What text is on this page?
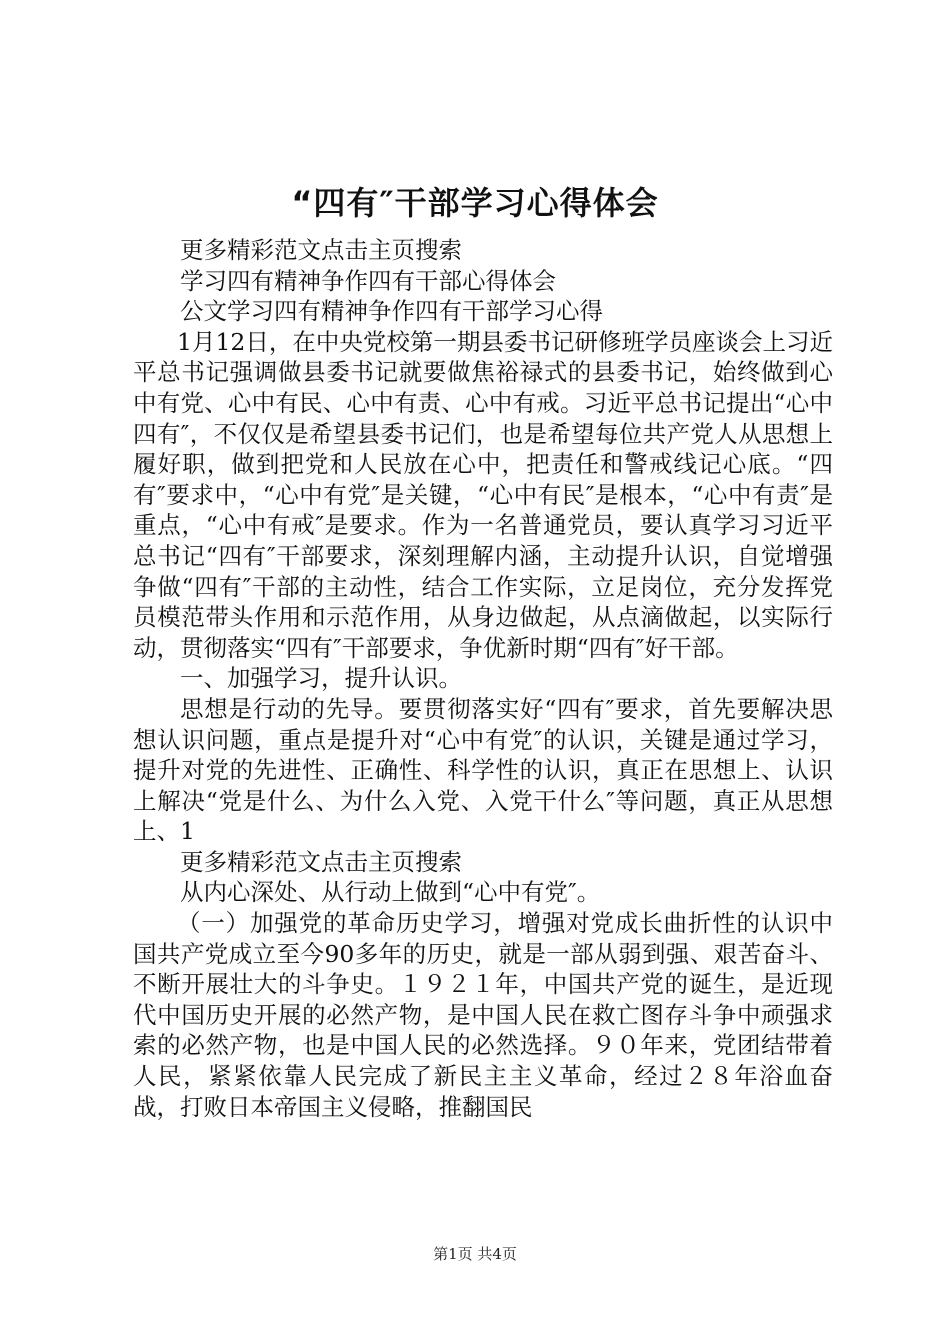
“四有″干部学习心得体会

更多精彩范文点击主页搜索

学习四有精神争作四有干部心得体会

公文学习四有精神争作四有干部学习心得

1月12日，在中央党校第一期县委书记研修班学员座谈会上习近平总书记强调做县委书记就要做焦裕禄式的县委书记，始终做到心中有党、心中有民、心中有责、心中有戒。习近平总书记提出“心中四有″，不仅仅是希望县委书记们，也是希望每位共产党人从思想上履好职，做到把党和人民放在心中，把责任和警戒线记心底。“四有″要求中，“心中有党″是关键，“心中有民″是根本，“心中有责″是重点，“心中有戒″是要求。作为一名普通党员，要认真学习习近平总书记“四有″干部要求，深刻理解内涵，主动提升认识，自觉增强争做“四有″干部的主动性，结合工作实际，立足岗位，充分发挥党员模范带头作用和示范作用，从身边做起，从点滴做起，以实际行动，贯彻落实“四有″干部要求，争优新时期“四有″好干部。

一、加强学习，提升认识。

思想是行动的先导。要贯彻落实好“四有″要求，首先要解决思想认识问题，重点是提升对“心中有党″的认识，关键是通过学习，提升对党的先进性、正确性、科学性的认识，真正在思想上、认识上解决“党是什么、为什么入党、入党干什么″等问题，真正从思想上、1

更多精彩范文点击主页搜索

从内心深处、从行动上做到“心中有党″。

（一）加强党的革命历史学习，增强对党成长曲折性的认识中国共产党成立至今90多年的历史，就是一部从弱到强、艰苦奋斗、不断开展壮大的斗争史。１９２１年，中国共产党的诞生，是近现代中国历史开展的必然产物，是中国人民在救亡图存斗争中顽强求索的必然产物，也是中国人民的必然选择。９０年来，党团结带着人民，紧紧依靠人民完成了新民主主义革命，经过２８年浴血奋战，打败日本帝国主义侵略，推翻国民

第1页 共4页
